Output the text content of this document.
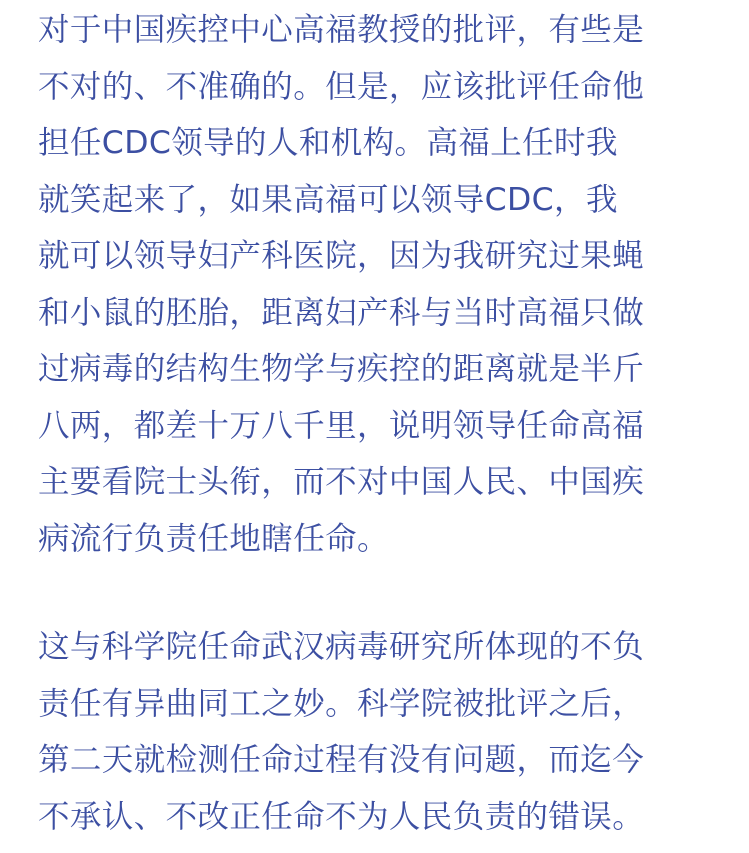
对于中国疾控中心高福教授的批评，有些是
不对的、不准确的。但是，应该批评任命他
担任CDC领导的人和机构。高福上任时我
就笑起来了，如果高福可以领导CDC，我
就可以领导妇产科医院，因为我研究过果蝇
和小鼠的胚胎，距离妇产科与当时高福只做
过病毒的结构生物学与疾控的距离就是半斤
八两，都差十万八千里，说明领导任命高福
主要看院士头衔，而不对中国人民、中国疾
病流行负责任地瞎任命。
这与科学院任命武汉病毒研究所体现的不负
责任有异曲同工之妙。科学院被批评之后，
第二天就检测任命过程有没有问题，而迄今
不承认、不改正任命不为人民负责的错误。
